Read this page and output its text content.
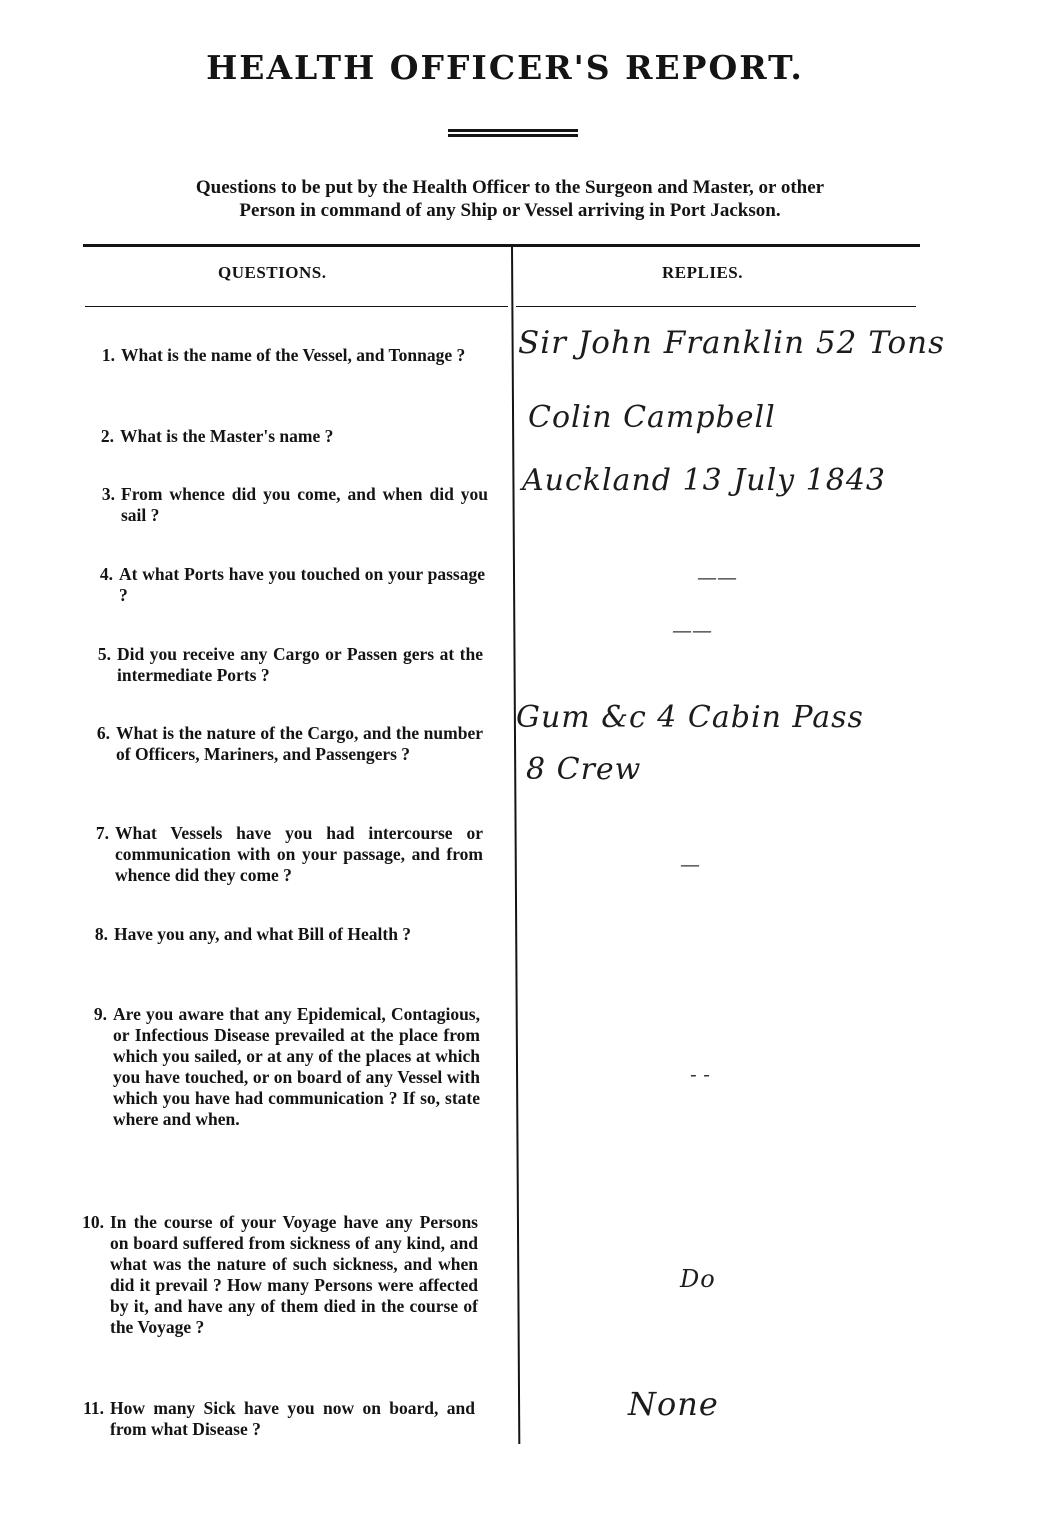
HEALTH OFFICER'S REPORT.
Questions to be put by the Health Officer to the Surgeon and Master, or other
Person in command of any Ship or Vessel arriving in Port Jackson.
QUESTIONS.	REPLIES.
1. What is the name of the Vessel, and Tonnage ?
2. What is the Master's name ?
3. From whence did you come, and when did you sail ?
4. At what Ports have you touched on your passage ?
5. Did you receive any Cargo or Passen gers at the intermediate Ports ?
6. What is the nature of the Cargo, and the number of Officers, Mariners, and Passengers ?
7. What Vessels have you had intercourse or communication with on your passage, and from whence did they come ?
8. Have you any, and what Bill of Health ?
9. Are you aware that any Epidemical, Contagious, or Infectious Disease prevailed at the place from which you sailed, or at any of the places at which you have touched, or on board of any Vessel with which you have had communication ? If so, state where and when.
10. In the course of your Voyage have any Persons on board suffered from sickness of any kind, and what was the nature of such sickness, and when did it prevail ? How many Persons were affected by it, and have any of them died in the course of the Voyage ?
11. How many Sick have you now on board, and from what Disease ?
Sir John Franklin 52 Tons
Colin Campbell
Auckland 13 July 1843
——
——
Gum &c 4 Cabin Pass
8 Crew
—
- -
Do
None
